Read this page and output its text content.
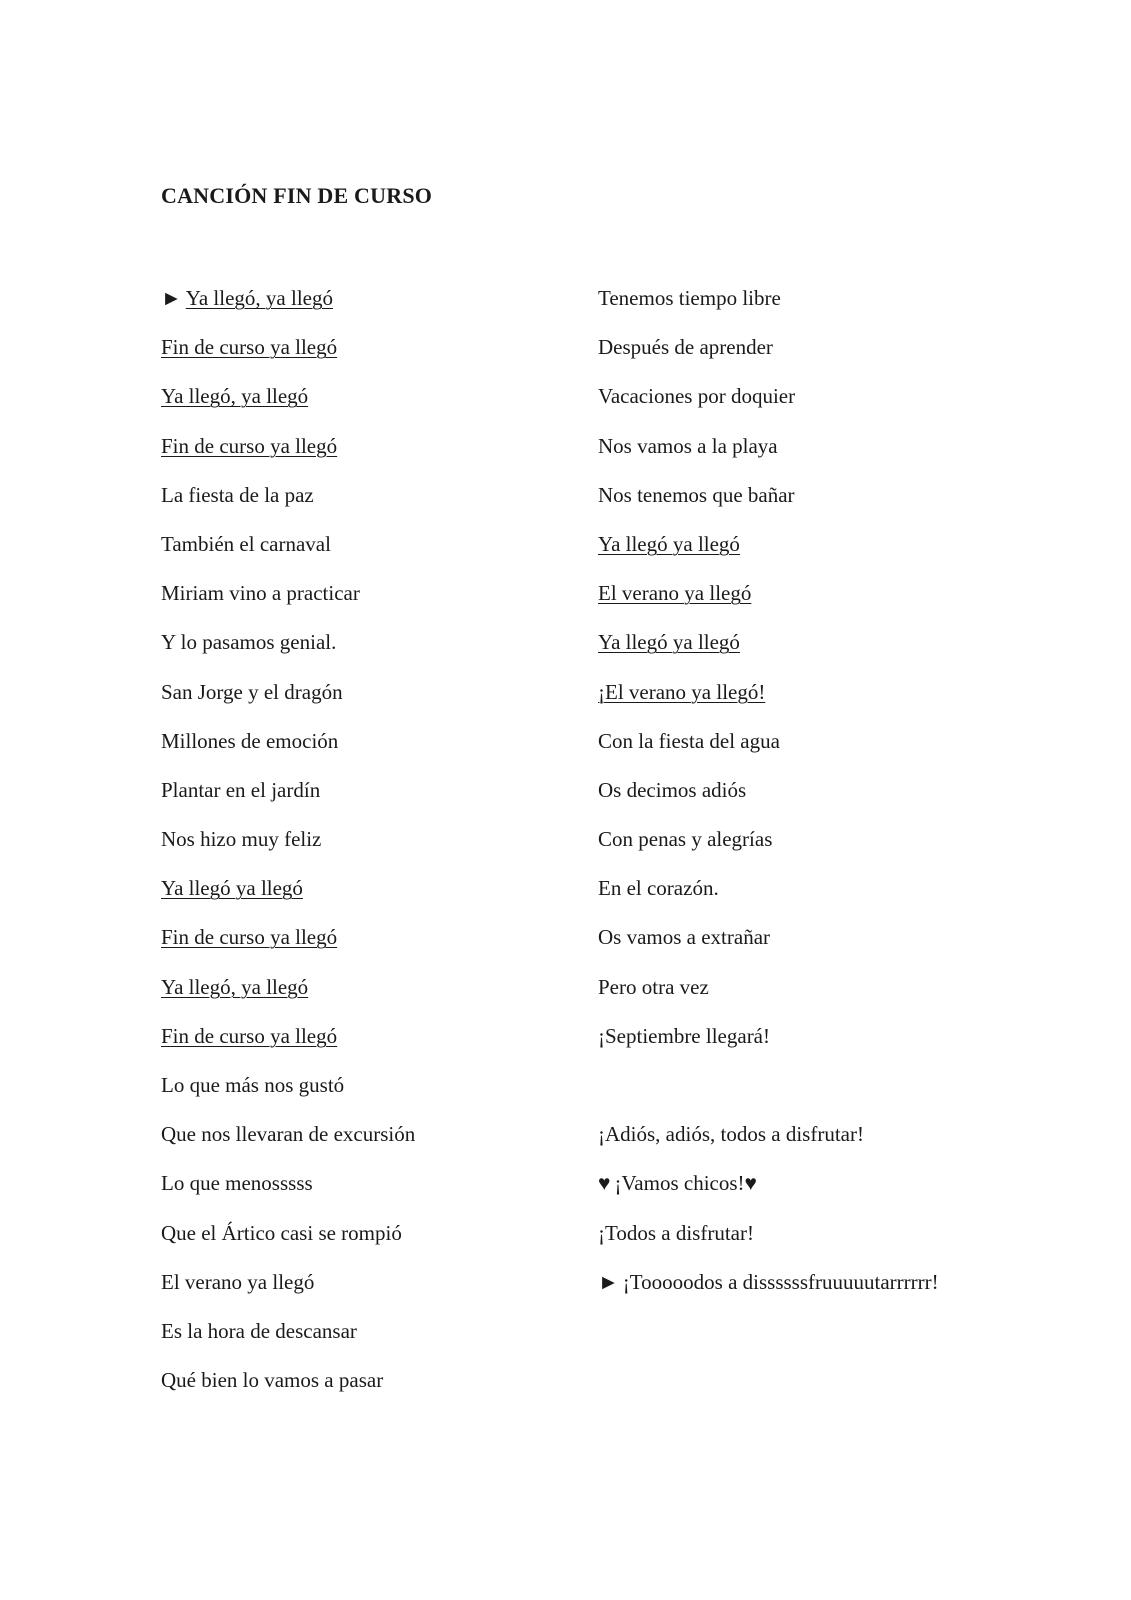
CANCIÓN FIN DE CURSO
► Ya llegó, ya llegó
Fin de curso ya llegó
Ya llegó, ya llegó
Fin de curso ya llegó
La fiesta de la paz
También el carnaval
Miriam vino a practicar
Y lo pasamos genial.
San Jorge y el dragón
Millones de emoción
Plantar en el jardín
Nos hizo muy feliz
Ya llegó ya llegó
Fin de curso ya llegó
Ya llegó, ya llegó
Fin de curso ya llegó
Lo que más nos gustó
Que nos llevaran de excursión
Lo que menosssss
Que el Ártico casi se rompió
El verano ya llegó
Es la hora de descansar
Qué bien lo vamos a pasar
Tenemos tiempo libre
Después de aprender
Vacaciones por doquier
Nos vamos a la playa
Nos tenemos que bañar
Ya llegó ya llegó
El verano ya llegó
Ya llegó ya llegó
¡El verano ya llegó!
Con la fiesta del agua
Os decimos adiós
Con penas y alegrías
En el corazón.
Os vamos a extrañar
Pero otra vez
¡Septiembre llegará!
¡Adiós, adiós, todos a disfrutar!
♥ ¡Vamos chicos!♥
¡Todos a disfrutar!
► ¡Tooooodos a dissssssfruuuuutarrrrrr!
